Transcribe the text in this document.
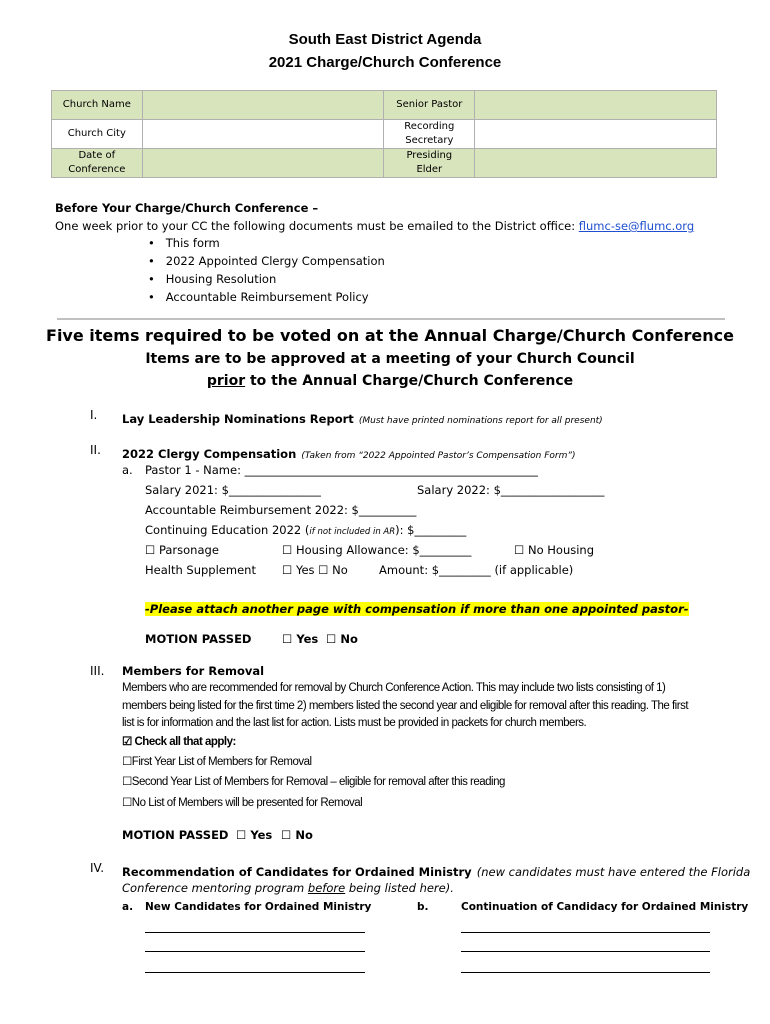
South East District Agenda
2021 Charge/Church Conference
Church Name		Senior Pastor	
Church City		Recording Secretary	
Date of Conference		Presiding Elder	
Before Your Charge/Church Conference –
One week prior to your CC the following documents must be emailed to the District office: flumc-se@flumc.org
•   This form
•   2022 Appointed Clergy Compensation
•   Housing Resolution
•   Accountable Reimbursement Policy
Five items required to be voted on at the Annual Charge/Church Conference
Items are to be approved at a meeting of your Church Council
prior to the Annual Charge/Church Conference
I. Lay Leadership Nominations Report (Must have printed nominations report for all present)
II. 2022 Clergy Compensation (Taken from “2022 Appointed Pastor’s Compensation Form”)
a. Pastor 1 - Name: ___________________________________________________
Salary 2021: $________________	Salary 2022: $__________________
Accountable Reimbursement 2022: $__________
Continuing Education 2022 (if not included in AR): $_________
☐ Parsonage	☐ Housing Allowance: $_________	☐ No Housing
Health Supplement ☐ Yes ☐ No	Amount: $_________ (if applicable)
-Please attach another page with compensation if more than one appointed pastor-
MOTION PASSED	☐ Yes ☐ No
III. Members for Removal
Members who are recommended for removal by Church Conference Action. This may include two lists consisting of 1)
members being listed for the first time 2) members listed the second year and eligible for removal after this reading. The first
list is for information and the last list for action. Lists must be provided in packets for church members.
☑ Check all that apply:
☐First Year List of Members for Removal
☐Second Year List of Members for Removal – eligible for removal after this reading
☐No List of Members will be presented for Removal
MOTION PASSED ☐ Yes ☐ No
IV. Recommendation of Candidates for Ordained Ministry (new candidates must have entered the Florida
Conference mentoring program before being listed here).
a. New Candidates for Ordained Ministry	b.	Continuation of Candidacy for Ordained Ministry
